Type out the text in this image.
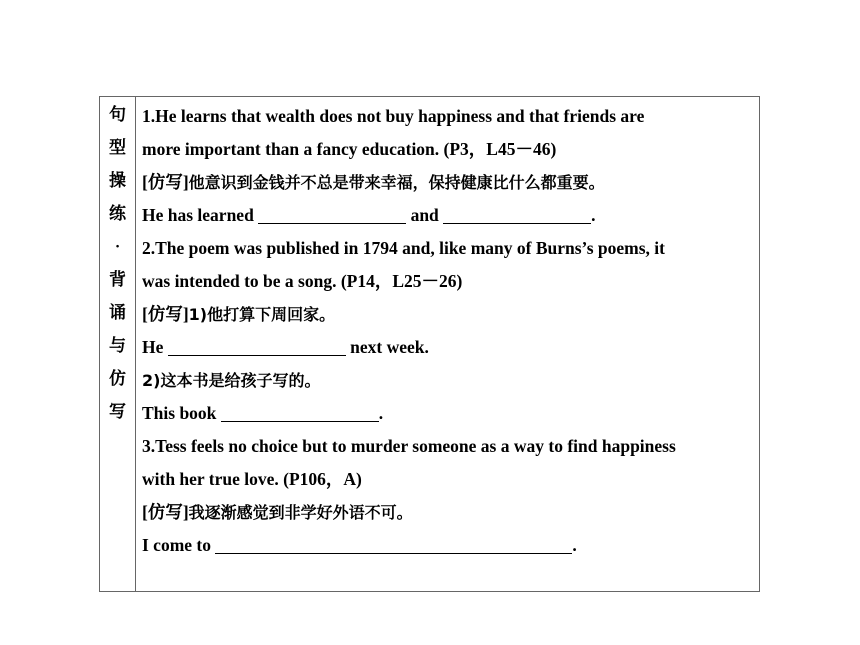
句
型
操
练
·
背
诵
与
仿
写
1.He learns that wealth does not buy happiness and that friends are
more important than a fancy education. (P3，L45－46)
[仿写]他意识到金钱并不总是带来幸福，保持健康比什么都重要。
He has learned	and	.
2.The poem was published in 1794 and, like many of Burns’s poems, it
was intended to be a song. (P14，L25－26)
[仿写]1)他打算下周回家。
He	next week.
2)这本书是给孩子写的。
This book	.
3.Tess feels no choice but to murder someone as a way to find happiness
with her true love. (P106，A)
[仿写]我逐渐感觉到非学好外语不可。
I come to	.
